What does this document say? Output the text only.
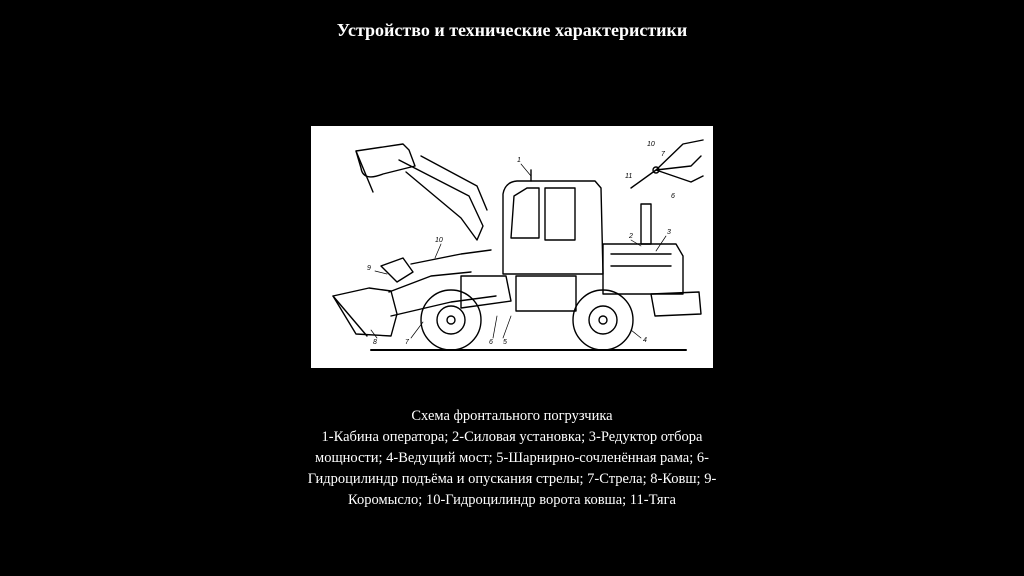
Устройство и технические характеристики
1
2
3
4
5
6
7
8
9
10
7
10
11
6
Схема фронтального погрузчика
1-Кабина оператора; 2-Силовая установка; 3-Редуктор отбора
мощности; 4-Ведущий мост; 5-Шарнирно-сочленённая рама; 6-
Гидроцилиндр подъёма и опускания стрелы; 7-Стрела; 8-Ковш; 9-
Коромысло; 10-Гидроцилиндр ворота ковша; 11-Тяга
